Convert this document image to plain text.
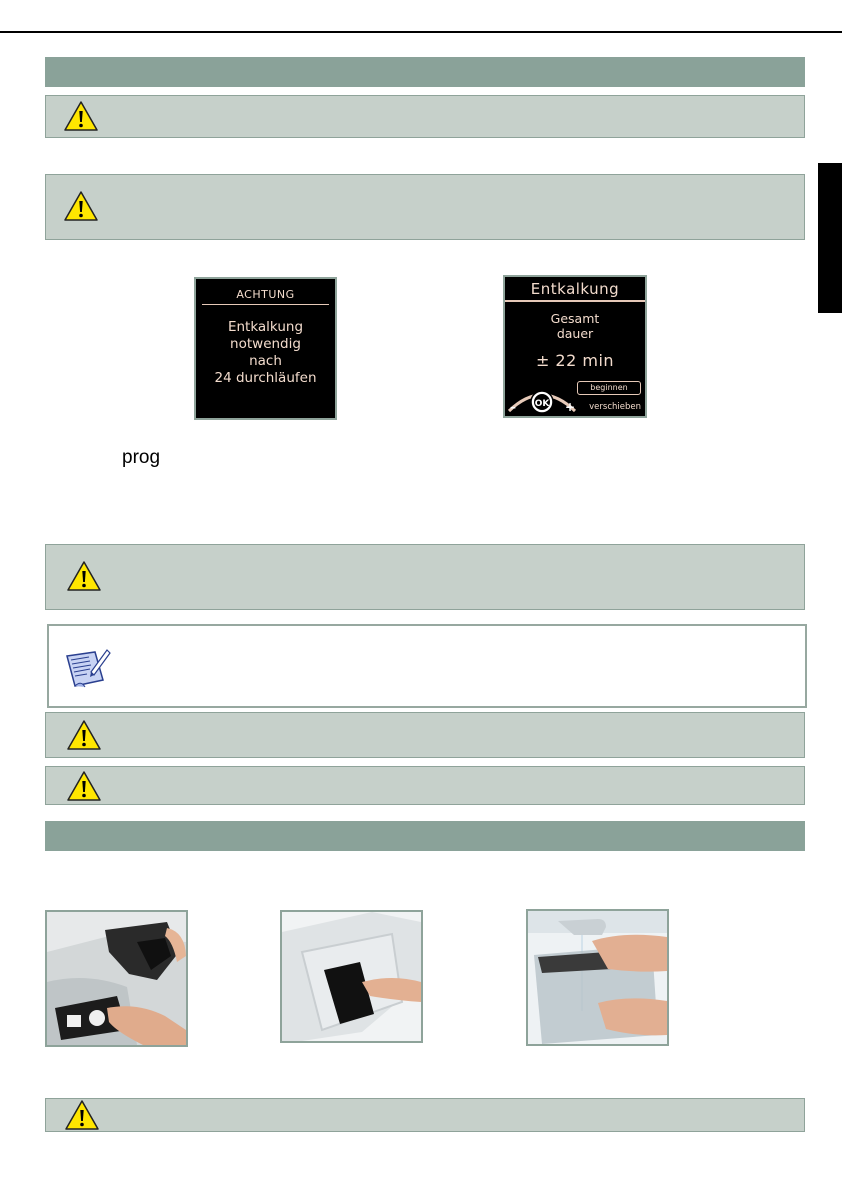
ACHTUNG
Entkalkung
notwendig
nach
24 durchläufen
Entkalkung
Gesamt
dauer
± 22 min
OK
–	+
beginnen
verschieben
prog
